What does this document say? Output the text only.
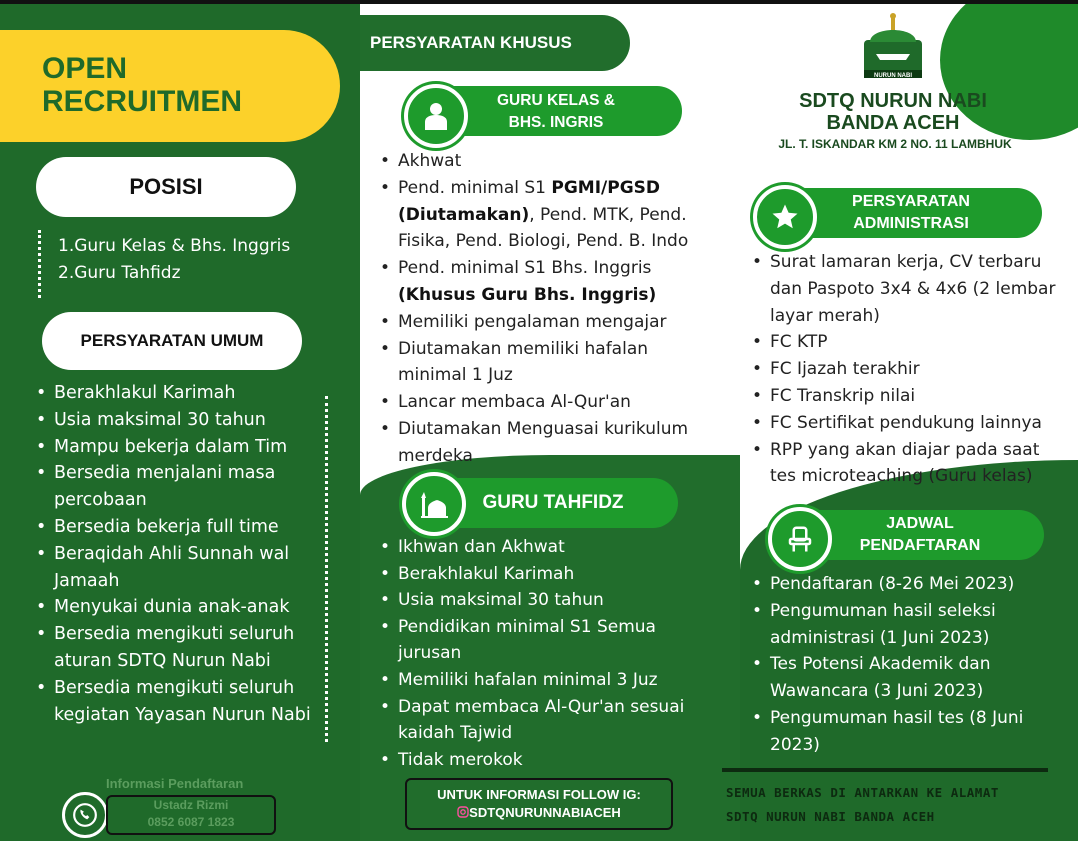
OPEN
RECRUITMEN
POSISI
1.Guru Kelas & Bhs. Inggris
2.Guru Tahfidz
PERSYARATAN UMUM
• Berakhlakul Karimah
• Usia maksimal 30 tahun
• Mampu bekerja dalam Tim
• Bersedia menjalani masa percobaan
• Bersedia bekerja full time
• Beraqidah Ahli Sunnah wal Jamaah
• Menyukai dunia anak-anak
• Bersedia mengikuti seluruh aturan SDTQ Nurun Nabi
• Bersedia mengikuti seluruh kegiatan Yayasan Nurun Nabi
Informasi Pendaftaran
Ustadz Rizmi
0852 6087 1823
PERSYARATAN KHUSUS
GURU KELAS &
BHS. INGRIS
• Akhwat
• Pend. minimal S1 PGMI/PGSD (Diutamakan), Pend. MTK, Pend. Fisika, Pend. Biologi, Pend. B. Indo
• Pend. minimal S1 Bhs. Inggris (Khusus Guru Bhs. Inggris)
• Memiliki pengalaman mengajar
• Diutamakan memiliki hafalan minimal 1 Juz
• Lancar membaca Al-Qur'an
• Diutamakan Menguasai kurikulum merdeka
GURU TAHFIDZ
• Ikhwan dan Akhwat
• Berakhlakul Karimah
• Usia maksimal 30 tahun
• Pendidikan minimal S1 Semua jurusan
• Memiliki hafalan minimal 3 Juz
• Dapat membaca Al-Qur'an sesuai kaidah Tajwid
• Tidak merokok
UNTUK INFORMASI FOLLOW IG:
SDTQNURUNNABIACEH
NURUN NABI
SDTQ NURUN NABI
BANDA ACEH
JL. T. ISKANDAR KM 2 NO. 11 LAMBHUK
PERSYARATAN
ADMINISTRASI
• Surat lamaran kerja, CV terbaru dan Paspoto 3x4 & 4x6 (2 lembar layar merah)
• FC KTP
• FC Ijazah terakhir
• FC Transkrip nilai
• FC Sertifikat pendukung lainnya
• RPP yang akan diajar pada saat tes microteaching (Guru kelas)
JADWAL
PENDAFTARAN
• Pendaftaran (8-26 Mei 2023)
• Pengumuman hasil seleksi administrasi (1 Juni 2023)
• Tes Potensi Akademik dan Wawancara (3 Juni 2023)
• Pengumuman hasil tes (8 Juni 2023)
SEMUA BERKAS DI ANTARKAN KE ALAMAT
SDTQ NURUN NABI BANDA ACEH
